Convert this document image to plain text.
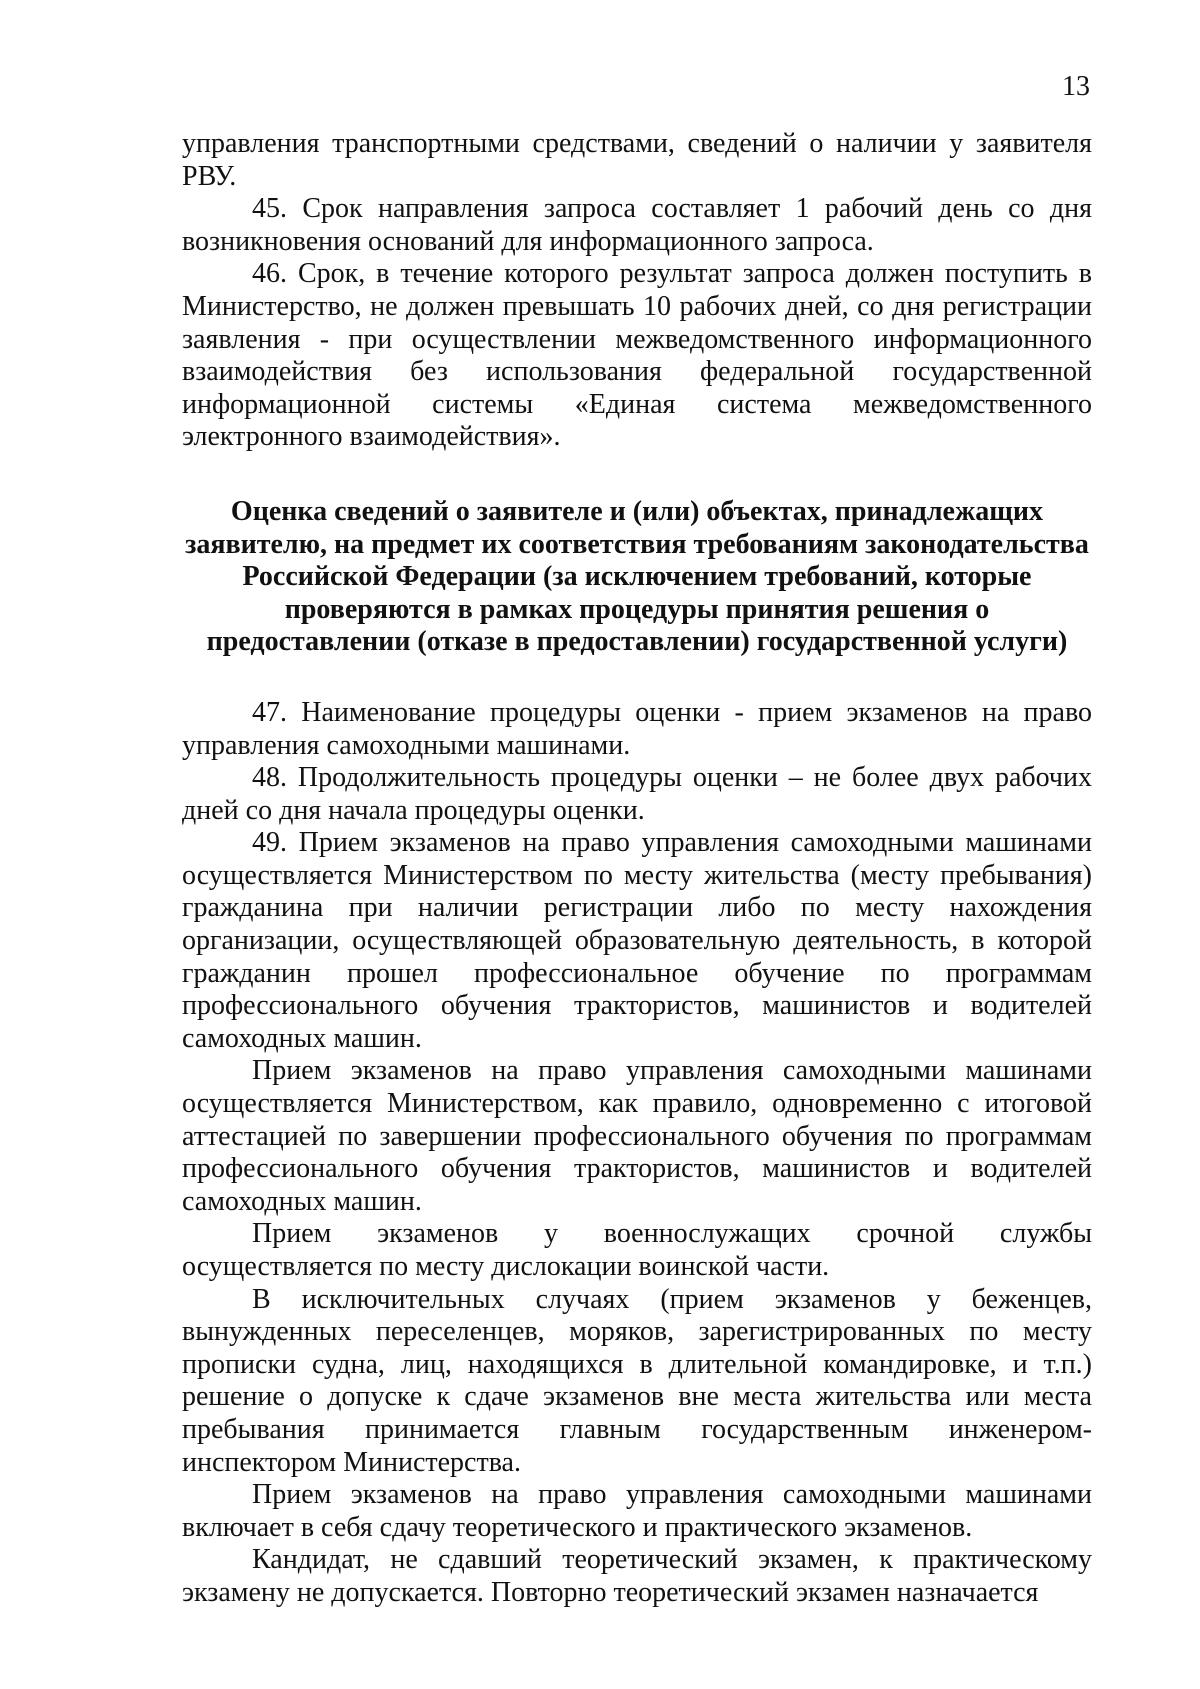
13

управления транспортными средствами, сведений о наличии у заявителя РВУ.

45. Срок направления запроса составляет 1 рабочий день со дня возникновения оснований для информационного запроса.

46. Срок, в течение которого результат запроса должен поступить в Министерство, не должен превышать 10 рабочих дней, со дня регистрации заявления - при осуществлении межведомственного информационного взаимодействия без использования федеральной государственной информационной системы «Единая система межведомственного электронного взаимодействия».

Оценка сведений о заявителе и (или) объектах, принадлежащих заявителю, на предмет их соответствия требованиям законодательства Российской Федерации (за исключением требований, которые проверяются в рамках процедуры принятия решения о предоставлении (отказе в предоставлении) государственной услуги)

47. Наименование процедуры оценки - прием экзаменов на право управления самоходными машинами.

48. Продолжительность процедуры оценки – не более двух рабочих дней со дня начала процедуры оценки.

49. Прием экзаменов на право управления самоходными машинами осуществляется Министерством по месту жительства (месту пребывания) гражданина при наличии регистрации либо по месту нахождения организации, осуществляющей образовательную деятельность, в которой гражданин прошел профессиональное обучение по программам профессионального обучения трактористов, машинистов и водителей самоходных машин.

Прием экзаменов на право управления самоходными машинами осуществляется Министерством, как правило, одновременно с итоговой аттестацией по завершении профессионального обучения по программам профессионального обучения трактористов, машинистов и водителей самоходных машин.

Прием экзаменов у военнослужащих срочной службы осуществляется по месту дислокации воинской части.

В исключительных случаях (прием экзаменов у беженцев, вынужденных переселенцев, моряков, зарегистрированных по месту прописки судна, лиц, находящихся в длительной командировке, и т.п.) решение о допуске к сдаче экзаменов вне места жительства или места пребывания принимается главным государственным инженером-инспектором Министерства.

Прием экзаменов на право управления самоходными машинами включает в себя сдачу теоретического и практического экзаменов.

Кандидат, не сдавший теоретический экзамен, к практическому экзамену не допускается. Повторно теоретический экзамен назначается
